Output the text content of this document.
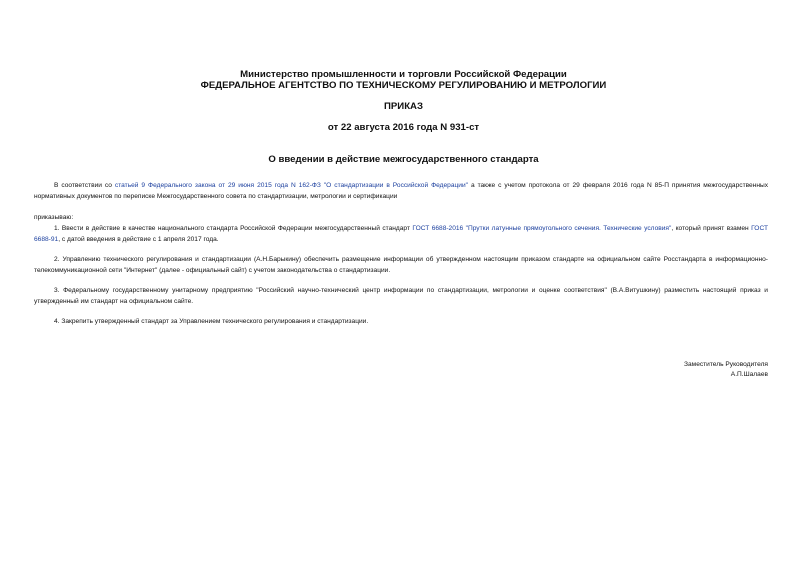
Министерство промышленности и торговли Российской Федерации
ФЕДЕРАЛЬНОЕ АГЕНТСТВО ПО ТЕХНИЧЕСКОМУ РЕГУЛИРОВАНИЮ И МЕТРОЛОГИИ
ПРИКАЗ
от 22 августа 2016 года N 931-ст
О введении в действие межгосударственного стандарта
В соответствии со статьей 9 Федерального закона от 29 июня 2015 года N 162-ФЗ "О стандартизации в Российской Федерации" а также с учетом протокола от 29 февраля 2016 года N 85-П принятия межгосударственных нормативных документов по переписке Межгосударственного совета по стандартизации, метрологии и сертификации
приказываю:
1. Ввести в действие в качестве национального стандарта Российской Федерации межгосударственный стандарт ГОСТ 6688-2016 "Прутки латунные прямоугольного сечения. Технические условия", который принят взамен ГОСТ 6688-91, с датой введения в действие с 1 апреля 2017 года.
2. Управлению технического регулирования и стандартизации (А.Н.Барыкину) обеспечить размещение информации об утвержденном настоящим приказом стандарте на официальном сайте Росстандарта в информационно-телекоммуникационной сети "Интернет" (далее - официальный сайт) с учетом законодательства о стандартизации.
3. Федеральному государственному унитарному предприятию "Российский научно-технический центр информации по стандартизации, метрологии и оценке соответствия" (В.А.Витушкину) разместить настоящий приказ и утвержденный им стандарт на официальном сайте.
4. Закрепить утвержденный стандарт за Управлением технического регулирования и стандартизации.
Заместитель Руководителя
А.П.Шалаев
